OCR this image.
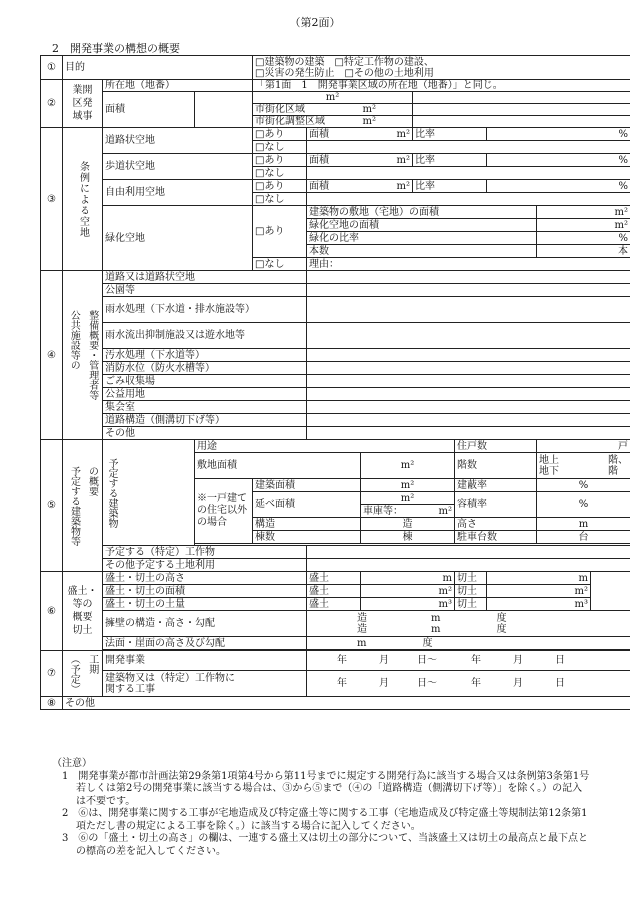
（第2面）
2　開発事業の構想の概要
①	目的			□建築物の建築　□特定工作物の建設、
□災害の発生防止　□その他の土地利用						

②	業開
区発
域事	所在地（地番）		「第1面　1　開発事業区域の所在地（地番）」と同じ。						
		面積		m²						
				市街化区域 m²						

				市街化調整区域 m²						

③	条例による空地	道路状空地		□あり	面積 m²		比率		%	
				□なし						
		歩道状空地		□あり	面積 m²		比率		%	
				□なし						
		自由利用空地		□あり	面積 m²		比率		%	
				□なし						
		緑化空地		□あり	建築物の敷地（宅地）の面積					m²
					緑化空地の面積					m²
					緑化の比率					%
					本数					本
				□なし	理由：					
④	公共施設等の 整備概要・管理者等	道路又は道路状空地								
		公園等								
		雨水処理（下水道・排水施設等）								
		雨水流出抑制施設又は遊水地等								
		汚水処理（下水道等）								
		消防水位（防火水槽等）								
		ごみ収集場								
		公益用地								
		集会室								
		道路構造（側溝切下げ等）								
		その他								
⑤	予定する建築物等 の概要	予定する建築物	用途					住戸数		戸
			敷地面積			m²		階数		地上 階、
地下 階

			※一戸建ての住宅以外の場合	建築面積		m²		建蔽率		%
				延べ面積		m²		容積率		%
						車庫等： m²				

				構造		造		高さ		m
				棟数		棟		駐車台数		台

		予定する（特定）工作物								
		その他予定する土地利用								
⑥	盛土・
等の
概要
切土	盛土・切土の高さ			盛土	m		切土	m
		盛土・切土の面積			盛土	m²		切土	m²	
		盛土・切土の土量			盛土	m³		切土	m³	
		擁壁の構造・高さ・勾配			造 m 度
造 m 度					

		法面・崖面の高さ及び勾配			m 度					

⑦	（予定） 工期	開発事業			年 月 日〜 年 月 日					

		建築物又は（特定）工作物に
関する工事			年 月 日〜 年 月 日					
⑧	その他									
（注意）
1　開発事業が都市計画法第29条第1項第4号から第11号までに規定する開発行為に該当する場合又は条例第3条第1号若しくは第2号の開発事業に該当する場合は、③から⑤まで（④の「道路構造（側溝切下げ等）」を除く。）の記入は不要です。
2　⑥は、開発事業に関する工事が宅地造成及び特定盛土等に関する工事（宅地造成及び特定盛土等規制法第12条第1項ただし書の規定による工事を除く。）に該当する場合に記入してください。
3　⑥の「盛土・切土の高さ」の欄は、一連する盛土又は切土の部分について、当該盛土又は切土の最高点と最下点との標高の差を記入してください。
